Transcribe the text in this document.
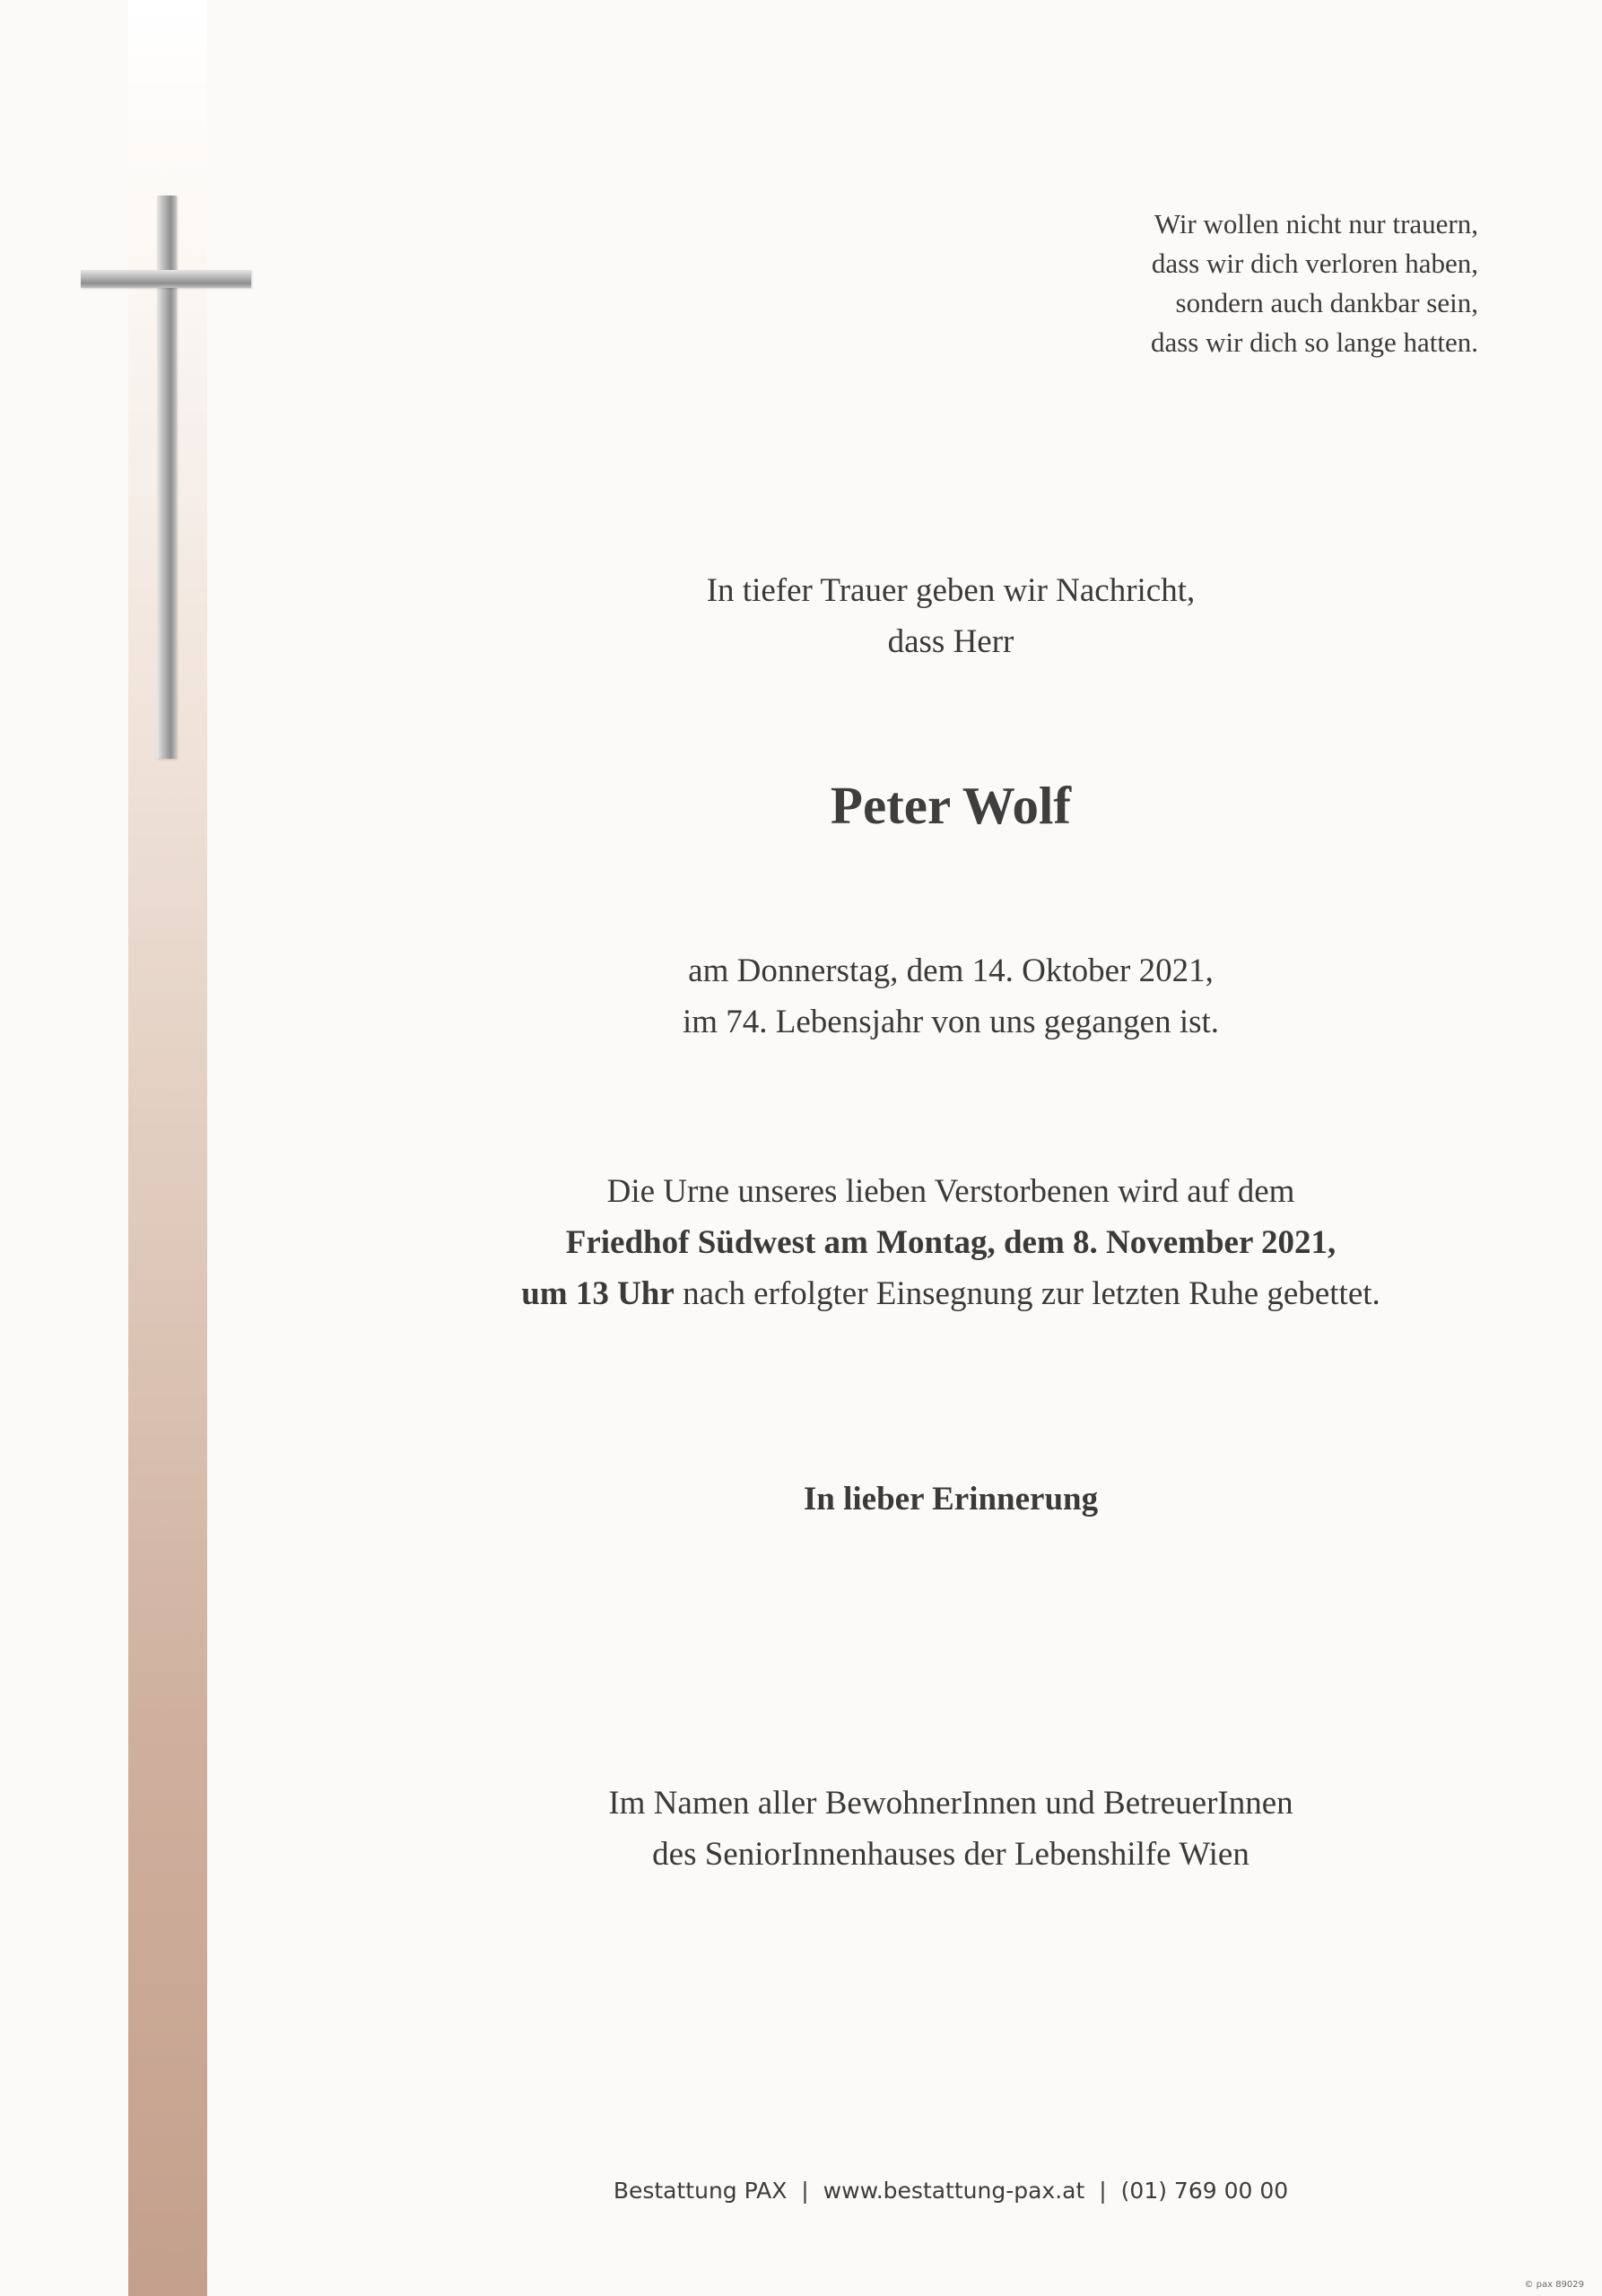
Wir wollen nicht nur trauern,
dass wir dich verloren haben,
sondern auch dankbar sein,
dass wir dich so lange hatten.
In tiefer Trauer geben wir Nachricht,
dass Herr
Peter Wolf
am Donnerstag, dem 14. Oktober 2021,
im 74. Lebensjahr von uns gegangen ist.
Die Urne unseres lieben Verstorbenen wird auf dem
Friedhof Südwest am Montag, dem 8. November 2021,
um 13 Uhr nach erfolgter Einsegnung zur letzten Ruhe gebettet.
In lieber Erinnerung
Im Namen aller BewohnerInnen und BetreuerInnen
des SeniorInnenhauses der Lebenshilfe Wien
Bestattung PAX | www.bestattung-pax.at | (01) 769 00 00
© pax 89029
